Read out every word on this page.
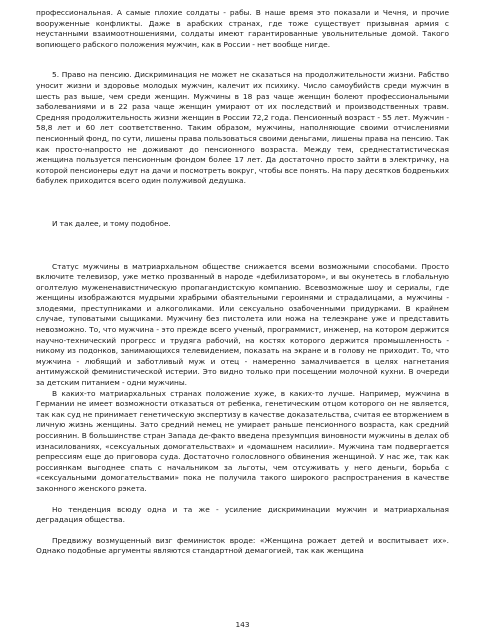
профессиональная. А самые плохие солдаты - рабы. В наше время это показали и Чечня, и прочие вооруженные конфликты. Даже в арабских странах, где тоже существует призывная армия с неустанными взаимоотношениями, солдаты имеют гарантированные увольнительные домой. Такого вопиющего рабского положения мужчин, как в России - нет вообще нигде.

5. Право на пенсию. Дискриминация не может не сказаться на продолжительности жизни. Рабство уносит жизни и здоровье молодых мужчин, калечит их психику. Число самоубийств среди мужчин в шесть раз выше, чем среди женщин. Мужчины в 18 раз чаще женщин болеют профессиональными заболеваниями и в 22 раза чаще женщин умирают от их последствий и производственных травм. Средняя продолжительность жизни женщин в России 72,2 года. Пенсионный возраст - 55 лет. Мужчин - 58,8 лет и 60 лет соответственно. Таким образом, мужчины, наполняющие своими отчислениями пенсионный фонд, по сути, лишены права пользоваться своими деньгами, лишены права на пенсию. Так как просто-напросто не доживают до пенсионного возраста. Между тем, среднестатистическая женщина пользуется пенсионным фондом более 17 лет. Да достаточно просто зайти в электричку, на которой пенсионеры едут на дачи и посмотреть вокруг, чтобы все понять. На пару десятков бодреньких бабулек приходится всего один полуживой дедушка.

И так далее, и тому подобное.

Статус мужчины в матриархальном обществе снижается всеми возможными способами. Просто включите телевизор, уже метко прозванный в народе «дебилизатором», и вы окунетесь в глобальную оголтелую мужененавистническую пропагандистскую компанию. Всевозможные шоу и сериалы, где женщины изображаются мудрыми храбрыми обаятельными героинями и страдалицами, а мужчины - злодеями, преступниками и алкоголиками. Или сексуально озабоченными придурками. В крайнем случае, туповатыми сыщиками. Мужчину без пистолета или ножа на телеэкране уже и представить невозможно. То, что мужчина - это прежде всего ученый, программист, инженер, на котором держится научно-технический прогресс и трудяга рабочий, на костях которого держится промышленность - никому из подонков, занимающихся телевидением, показать на экране и в голову не приходит. То, что мужчина - любящий и заботливый муж и отец - намеренно замалчивается в целях нагнетания антимужской феминистической истерии. Это видно только при посещении молочной кухни. В очереди за детским питанием - одни мужчины.

В каких-то матриархальных странах положение хуже, в каких-то лучше. Например, мужчина в Германии не имеет возможности отказаться от ребенка, генетическим отцом которого он не является, так как суд не принимает генетическую экспертизу в качестве доказательства, считая ее вторжением в личную жизнь женщины. Зато средний немец не умирает раньше пенсионного возраста, как средний россиянин. В большинстве стран Запада де-факто введена презумпция виновности мужчины в делах об изнасилованиях, «сексуальных домогательствах» и «домашнем насилии». Мужчина там подвергается репрессиям еще до приговора суда. Достаточно голословного обвинения женщиной. У нас же, так как россиянкам выгоднее спать с начальником за льготы, чем отсуживать у него деньги, борьба с «сексуальными домогательствами» пока не получила такого широкого распространения в качестве законного женского рэкета.

Но тенденция всюду одна и та же - усиление дискриминации мужчин и матриархальная деградация общества.

Предвижу возмущенный визг феминисток вроде: «Женщина рожает детей и воспитывает их». Однако подобные аргументы являются стандартной демагогией, так как женщина

143
